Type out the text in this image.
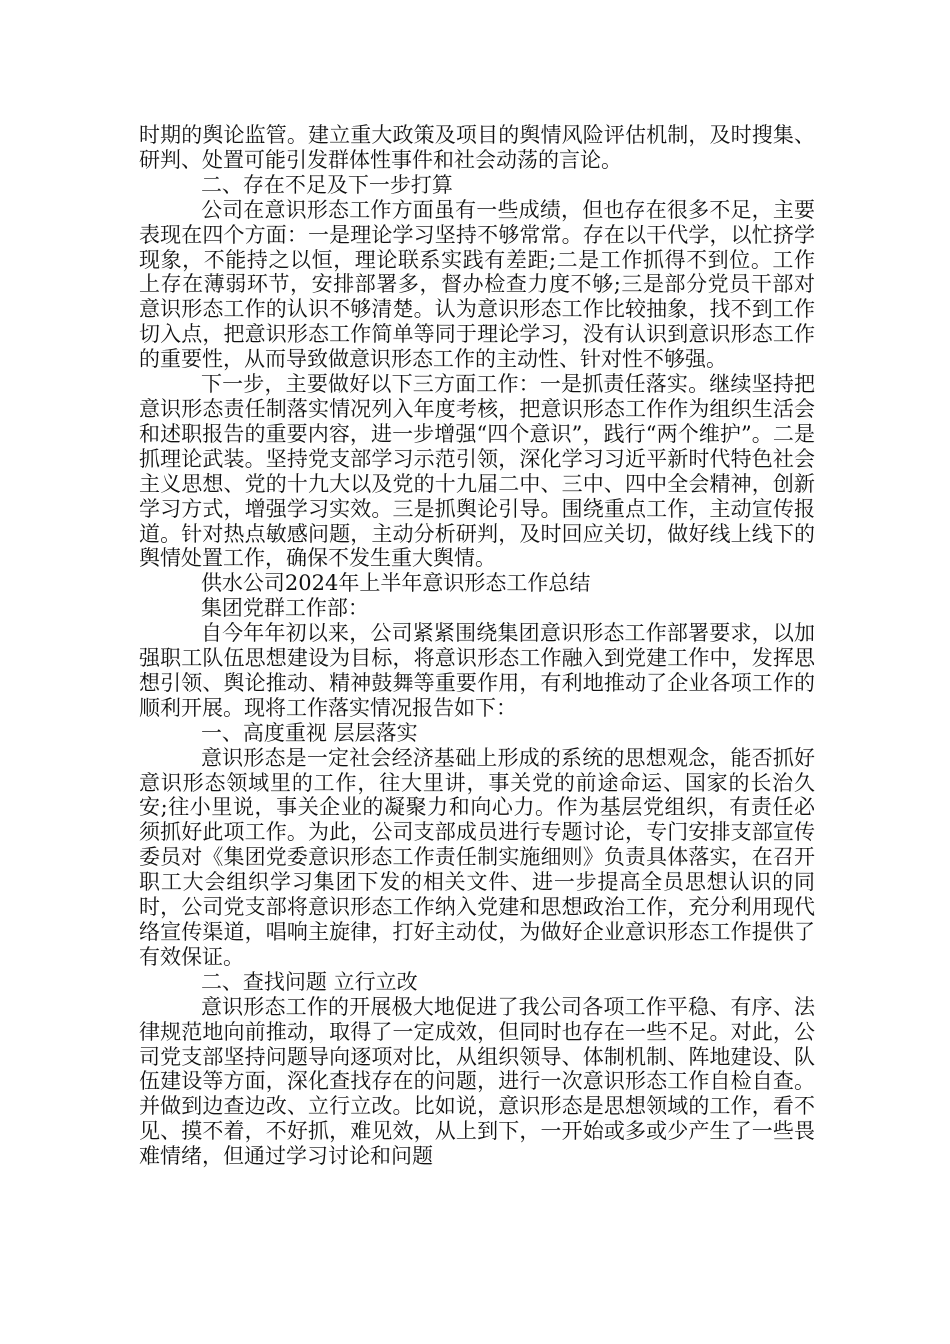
时期的舆论监管。建立重大政策及项目的舆情风险评估机制，及时搜集、研判、处置可能引发群体性事件和社会动荡的言论。

二、存在不足及下一步打算

公司在意识形态工作方面虽有一些成绩，但也存在很多不足，主要表现在四个方面：一是理论学习坚持不够常常。存在以干代学，以忙挤学现象，不能持之以恒，理论联系实践有差距;二是工作抓得不到位。工作上存在薄弱环节，安排部署多，督办检查力度不够;三是部分党员干部对意识形态工作的认识不够清楚。认为意识形态工作比较抽象，找不到工作切入点，把意识形态工作简单等同于理论学习，没有认识到意识形态工作的重要性，从而导致做意识形态工作的主动性、针对性不够强。

下一步，主要做好以下三方面工作：一是抓责任落实。继续坚持把意识形态责任制落实情况列入年度考核，把意识形态工作作为组织生活会和述职报告的重要内容，进一步增强“四个意识”，践行“两个维护”。二是抓理论武装。坚持党支部学习示范引领，深化学习习近平新时代特色社会主义思想、党的十九大以及党的十九届二中、三中、四中全会精神，创新学习方式，增强学习实效。三是抓舆论引导。围绕重点工作，主动宣传报道。针对热点敏感问题，主动分析研判，及时回应关切，做好线上线下的舆情处置工作，确保不发生重大舆情。

供水公司2024年上半年意识形态工作总结

集团党群工作部：

自今年年初以来，公司紧紧围绕集团意识形态工作部署要求，以加强职工队伍思想建设为目标，将意识形态工作融入到党建工作中，发挥思想引领、舆论推动、精神鼓舞等重要作用，有利地推动了企业各项工作的顺利开展。现将工作落实情况报告如下：

一、高度重视 层层落实

意识形态是一定社会经济基础上形成的系统的思想观念，能否抓好意识形态领域里的工作，往大里讲，事关党的前途命运、国家的长治久安;往小里说，事关企业的凝聚力和向心力。作为基层党组织，有责任必须抓好此项工作。为此，公司支部成员进行专题讨论，专门安排支部宣传委员对《集团党委意识形态工作责任制实施细则》负责具体落实，在召开职工大会组织学习集团下发的相关文件、进一步提高全员思想认识的同时，公司党支部将意识形态工作纳入党建和思想政治工作，充分利用现代络宣传渠道，唱响主旋律，打好主动仗，为做好企业意识形态工作提供了有效保证。

二、查找问题 立行立改

意识形态工作的开展极大地促进了我公司各项工作平稳、有序、法律规范地向前推动，取得了一定成效，但同时也存在一些不足。对此，公司党支部坚持问题导向逐项对比，从组织领导、体制机制、阵地建设、队伍建设等方面，深化查找存在的问题，进行一次意识形态工作自检自查。并做到边查边改、立行立改。比如说，意识形态是思想领域的工作，看不见、摸不着，不好抓，难见效，从上到下，一开始或多或少产生了一些畏难情绪，但通过学习讨论和问题
